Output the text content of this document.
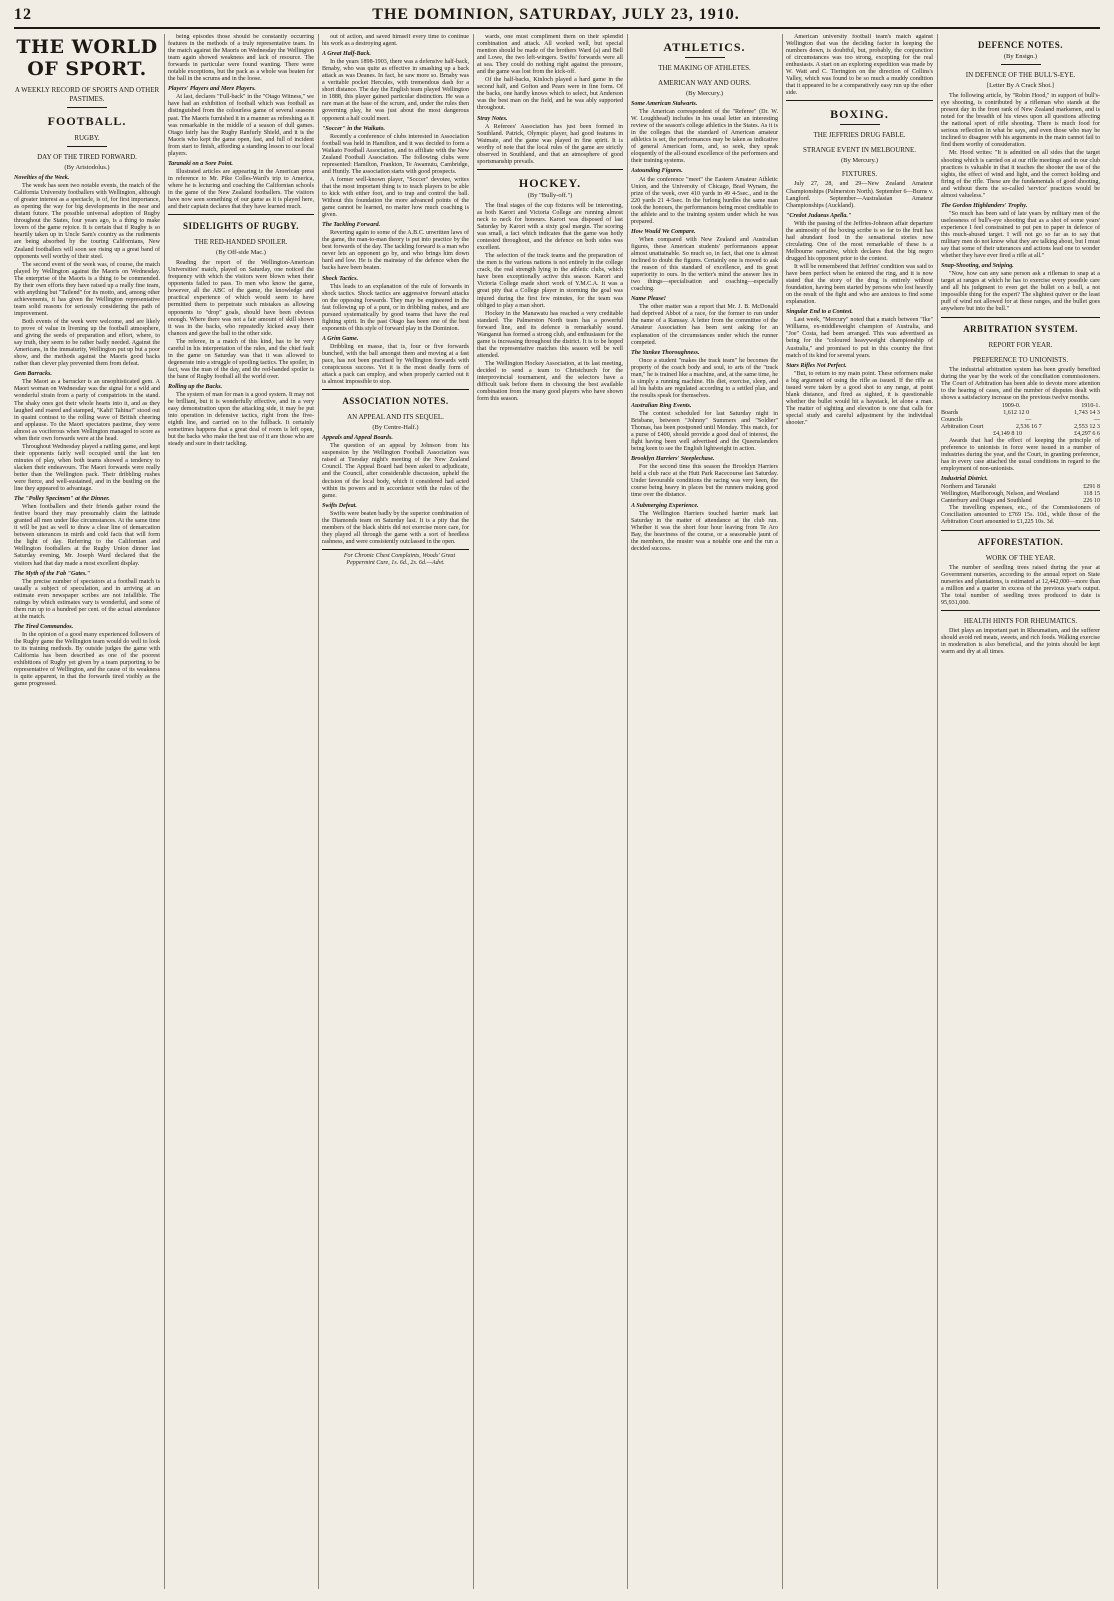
12	THE DOMINION, SATURDAY, JULY 23, 1910.
THE WORLD OF SPORT.
A WEEKLY RECORD OF SPORTS AND OTHER PASTIMES.
FOOTBALL.
RUGBY.
DAY OF THE TIRED FORWARD.
(By Aristodolus.)

Novelties of the Week.

The week has seen two notable events, the match of the California University footballers with Wellington, although of greater interest as a spectacle, is of, for first importance, as opening the way for big developments in the near and distant future. The possible universal adoption of Rugby throughout the States, four years ago, is a thing to make lovers of the game rejoice. It is certain that if Rugby is so heartily taken up in Uncle Sam's country as the rudiments are being absorbed by the touring Californians, New Zealand footballers will soon see rising up a great band of opponents well worthy of their steel.

The second event of the week was, of course, the match played by Wellington against the Maoris on Wednesday. The enterprise of the Maoris is a thing to be commended. By their own efforts they have raised up a really fine team, with anything but "Tailend" for its motto, and, among other achievements, it has given the Wellington representative team solid reasons for seriously considering the path of improvement.

Both events of the week were welcome, and are likely to prove of value in livening up the football atmosphere, and giving the seeds of preparation and effort, where, to say truth, they seem to be rather badly needed. Against the Americans, in the immaturity, Wellington put up but a poor show, and the methods against the Maoris good backs rather than clever play prevented them from defeat.

Gem Barracks.

The Maori as a barracker is an unsophisticated gem. A Maori woman on Wednesday was the signal for a wild and wonderful strain from a party of compatriots in the stand. The shaky ones got their whole hearts into it, and as they laughed and roared and stamped, "Kahi! Tahina!" stood out in quaint contrast to the rolling wave of British cheering and applause. To the Maori spectators pastime, they were almost as vociferous when Wellington managed to score as when their own forwards were at the head.

Throughout Wednesday played a rattling game, and kept their opponents fairly well occupied until the last ten minutes of play, when both teams showed a tendency to slacken their endeavours. The Maori forwards were really better than the Wellington pack. Their dribbling rushes were fierce, and well-sustained, and in the bustling on the line they appeared to advantage.

The "Polley Specimen" at the Dinner.

When footballers and their friends gather round the festive board they may presumably claim the latitude granted all men under like circumstances. At the same time it will be just as well to draw a clear line of demarcation between utterances in mirth and cold facts that will form the light of day. Referring to the Californian and Wellington footballers at the Rugby Union dinner last Saturday evening, Mr. Joseph Ward declared that the visitors had that day made a most excellent display.

The Myth of the Fab "Gates."

The precise number of spectators at a football match is usually a subject of speculation, and in arriving at an estimate even newspaper scribes are not infallible. The ratings by which estimates vary is wonderful, and some of them run up to a hundred per cent. of the actual attendance at the match.

The Tired Commandos.

In the opinion of a good many experienced followers of the Rugby game the Wellington team would do well to look to its training methods. By outside judges the game with California has been described as one of the poorest exhibitions of Rugby yet given by a team purporting to be representative of Wellington, and the cause of its weakness is quite apparent, in that the forwards tired visibly as the game progressed.

being episodes those should be constantly occurring features in the methods of a truly representative team. In the match against the Maoris on Wednesday the Wellington team again showed weakness and lack of resource. The forwards in particular were found wanting. There were notable exceptions, but the pack as a whole was beaten for the ball in the scrums and in the loose.

Players' Players and Mere Players.

At last, declares "Full-back" in the "Otago Witness," we have had an exhibition of football which was football as distinguished from the colourless game of several seasons past. The Maoris furnished it in a manner as refreshing as it was remarkable in the middle of a season of dull games. Otago fairly has the Rugby Ranfurly Shield, and it is the Maoris who kept the game open, fast, and full of incident from start to finish, affording a standing lesson to our local players.

Taranaki on a Sore Point.

Illustrated articles are appearing in the American press in reference to Mr. Pike Colles-Ward's trip to America, where he is lecturing and coaching the Californian schools in the game of the New Zealand footballers. The visitors have now seen something of our game as it is played here, and their captain declares that they have learned much.

SIDELIGHTS OF RUGBY.
THE RED-HANDED SPOILER.
(By Off-side Mac.)

Reading the report of the Wellington-American Universities' match, played on Saturday, one noticed the frequency with which the visitors were blown when their opponents failed to pass. To men who know the game, however, all the ABC of the game, the knowledge and practical experience of which would seem to have permitted them to perpetrate such mistakes as allowing opponents to "drop" goals, should have been obvious enough. Where there was not a fair amount of skill shown it was in the backs, who repeatedly kicked away their chances and gave the ball to the other side.

The referee, in a match of this kind, has to be very careful in his interpretation of the rules, and the chief fault in the game on Saturday was that it was allowed to degenerate into a struggle of spoiling tactics. The spoiler, in fact, was the man of the day, and the red-handed spoiler is the bane of Rugby football all the world over.

Rolling up the Backs.

The system of man for man is a good system. It may not be brilliant, but it is wonderfully effective, and in a very easy demonstration upon the attacking side, it may be put into operation in defensive tactics, right from the five-eighth line, and carried on to the fullback. It certainly sometimes happens that a great deal of room is left open, but the backs who make the best use of it are those who are steady and sure in their tackling.

out of action, and saved himself every time to continue his work as a destroying agent.

A Great Half-Back.

In the years 1898-1903, there was a defensive half-back, Brnaby, who was quite as effective in smashing up a back attack as was Deanes. In fact, he saw more so. Brnaby was a veritable pocket Hercules, with tremendous dash for a short distance. The day the English team played Wellington in 1888, this player gained particular distinction. He was a rare man at the base of the scrum, and, under the rules then governing play, he was just about the most dangerous opponent a half could meet.

"Soccer" in the Waikato.

Recently a conference of clubs interested in Association football was held in Hamilton, and it was decided to form a Waikato Football Association, and to affiliate with the New Zealand Football Association. The following clubs were represented: Hamilton, Frankton, Te Awamutu, Cambridge, and Huntly. The association starts with good prospects.

A former well-known player, "Soccer" devotee, writes that the most important thing is to teach players to be able to kick with either foot, and to trap and control the ball. Without this foundation the more advanced points of the game cannot be learned, no matter how much coaching is given.

The Tackling Forward.

Reverting again to some of the A.B.C. unwritten laws of the game, the man-to-man theory is put into practice by the best forwards of the day. The tackling forward is a man who never lets an opponent go by, and who brings him down hard and low. He is the mainstay of the defence when the backs have been beaten.

Shock Tactics.

This leads to an explanation of the rule of forwards in shock tactics. Shock tactics are aggressive forward attacks on the opposing forwards. They may be engineered in the fast following up of a punt, or in dribbling rushes, and are pursued systematically by good teams that have the real fighting spirit. In the past Otago has been one of the best exponents of this style of forward play in the Dominion.

A Grim Game.

Dribbling en masse, that is, four or five forwards bunched, with the ball amongst them and moving at a fast pace, has not been practised by Wellington forwards with conspicuous success. Yet it is the most deadly form of attack a pack can employ, and when properly carried out it is almost impossible to stop.

ASSOCIATION NOTES.
AN APPEAL AND ITS SEQUEL.
(By Centre-Half.)

Appeals and Appeal Boards.

The question of an appeal by Johnson from his suspension by the Wellington Football Association was raised at Tuesday night's meeting of the New Zealand Council. The Appeal Board had been asked to adjudicate, and the Council, after considerable discussion, upheld the decision of the local body, which it considered had acted within its powers and in accordance with the rules of the game.

Swifts Defeat.

Swifts were beaten badly by the superior combination of the Diamonds team on Saturday last. It is a pity that the members of the black shirts did not exercise more care, for they played all through the game with a sort of heedless rashness, and were consistently outclassed in the open.

For Chronic Chest Complaints, Woods' Great Peppermint Cure, 1s. 6d., 2s. 6d.—Advt.

wards, one must compliment them on their splendid combination and attack. All worked well, but special mention should be made of the brothers Ward (a) and Bell and Lowe, the two left-wingers. Swifts' forwards were all at sea. They could do nothing right against the pressure, and the game was lost from the kick-off.

Of the half-backs, Kinloch played a hard game in the second half, and Gofton and Pears were in fine form. Of the backs, one hardly knows which to select, but Anderson was the best man on the field, and he was ably supported throughout.

Stray Notes.

A Referees' Association has just been formed in Southland. Patrick, Olympic player, had good features in Waimate, and the game was played in fine spirit. It is worthy of note that the local rules of the game are strictly observed in Southland, and that an atmosphere of good sportsmanship prevails.

HOCKEY.
(By "Bully-off.")

The final stages of the cup fixtures will be interesting, as both Karori and Victoria College are running almost neck to neck for honours. Karori was disposed of last Saturday by Karori with a sixty goal margin. The scoring was small, a fact which indicates that the game was hotly contested throughout, and the defence on both sides was excellent.

The selection of the track teams and the preparation of the men is the various nations is not entirely in the college crack, the real strength lying in the athletic clubs, which have been exceptionally active this season. Karori and Victoria College made short work of Y.M.C.A. It was a great pity that a College player in storming the goal was injured during the first few minutes, for the team was obliged to play a man short.

Hockey in the Manawatu has reached a very creditable standard. The Palmerston North team has a powerful forward line, and its defence is remarkably sound. Wanganui has formed a strong club, and enthusiasm for the game is increasing throughout the district. It is to be hoped that the representative matches this season will be well attended.

The Wellington Hockey Association, at its last meeting, decided to send a team to Christchurch for the interprovincial tournament, and the selectors have a difficult task before them in choosing the best available combination from the many good players who have shown form this season.

ATHLETICS.
THE MAKING OF ATHLETES.
AMERICAN WAY AND OURS.
(By Mercury.)

Some American Stalwarts.

The American correspondent of the "Referee" (Dr. W. W. Loughhead) includes in his usual letter an interesting review of the season's college athletics in the States. As it is in the colleges that the standard of American amateur athletics is set, the performances may be taken as indicative of general American form, and, so seek, they speak eloquently of the all-round excellence of the performers and their training systems.

Astounding Figures.

At the conference "meet" the Eastern Amateur Athletic Union, and the University of Chicago, Brad Wynam, the prize of the week, over 410 yards in 49 4-5sec., and in the 220 yards 21 4-5sec. In the furlong hurdles the same man took the honours, the performances being most creditable to the athlete and to the training system under which he was prepared.

How Would We Compare.

When compared with New Zealand and Australian figures, these American students' performances appear almost unattainable. So much so, in fact, that one is almost inclined to doubt the figures. Certainly one is moved to ask the reason of this standard of excellence, and its great superiority to ours. In the writer's mind the answer lies in two things—specialisation and coaching—especially coaching.

Name Please!

The other matter was a report that Mr. J. B. McDonald had deprived Abbot of a race, for the former to run under the name of a Ramsay. A letter from the committee of the Amateur Association has been sent asking for an explanation of the circumstances under which the runner competed.

The Yankee Thoroughness.

Once a student "makes the track team" he becomes the property of the coach body and soul, to arts of the "track man," he is trained like a machine, and, at the same time, he is simply a running machine. His diet, exercise, sleep, and all his habits are regulated according to a settled plan, and the results speak for themselves.

Australian Ring Events.

The contest scheduled for last Saturday night in Brisbane, between "Johnny" Summers and "Soldier" Thomas, has been postponed until Monday. This match, for a purse of £400, should provide a good deal of interest, the fight having been well advertised and the Queenslanders being keen to see the English lightweight in action.

Brooklyn Harriers' Steeplechase.

For the second time this season the Brooklyn Harriers held a club race at the Hutt Park Racecourse last Saturday. Under favourable conditions the racing was very keen, the course being heavy in places but the runners making good time over the distance.

A Submerging Experience.

The Wellington Harriers touched harrier mark last Saturday in the matter of attendance at the club run. Whether it was the short four hour leaving from Te Aro Bay, the heaviness of the course, or a seasonable jaunt of the members, the muster was a notable one and the run a decided success.

American university football team's match against Wellington that was the deciding factor in keeping the numbers down, is doubtful, but, probably, the conjunction of circumstances was too strong, excepting for the real enthusiasts. A start on an exploring expedition was made by W. Watt and C. Tierington on the direction of Collins's Valley, which was found to be so much a muddy condition that it appeared to be a comparatively easy run up the other side.

BOXING.
THE JEFFRIES DRUG FABLE.
STRANGE EVENT IN MELBOURNE.
(By Mercury.)
FIXTURES.

July 27, 28, and 29—New Zealand Amateur Championships (Palmerston North). September 6—Burns v. Langford. September—Australasian Amateur Championships (Auckland).

"Credot Judaeus Apella."

With the passing of the Jeffries-Johnson affair departure the animosity of the boxing scribe is so far to the fruit has had abundant food in the sensational stories now circulating. One of the most remarkable of these is a Melbourne narrative, which declares that the big negro drugged his opponent prior to the contest.

It will be remembered that Jeffries' condition was said to have been perfect when he entered the ring, and it is now stated that the story of the drug is entirely without foundation, having been started by persons who lost heavily on the result of the fight and who are anxious to find some explanation.

Singular End to a Contest.

Last week, "Mercury" noted that a match between "Ike" Williams, ex-middleweight champion of Australia, and "Joe" Costa, had been arranged. This was advertised as being for the "coloured heavyweight championship of Australia," and promised to put in this country the first match of its kind for several years.

Stars Rifles Not Perfect.

"But, to return to my main point. These reformers make a big argument of using the rifle as issued. If the rifle as issued were taken by a good shot to any range, at point blank distance, and fired as sighted, it is questionable whether the bullet would hit a haystack, let alone a man. The matter of sighting and elevation is one that calls for special study and careful adjustment by the individual shooter."

DEFENCE NOTES.
(By Ensign.)
IN DEFENCE OF THE BULL'S-EYE.
[Letter By A Crack Shot.]

The following article, by "Robin Hood," in support of bull's-eye shooting, is contributed by a rifleman who stands at the present day in the front rank of New Zealand marksmen, and is noted for the breadth of his views upon all questions affecting the national sport of rifle shooting. There is much food for serious reflection in what he says, and even those who may be inclined to disagree with his arguments in the main cannot fail to find them worthy of consideration.

Mr. Hood writes: "It is admitted on all sides that the target shooting which is carried on at our rifle meetings and in our club practices is valuable in that it teaches the shooter the use of the sights, the effect of wind and light, and the correct holding and firing of the rifle. These are the fundamentals of good shooting, and without them the so-called 'service' practices would be almost valueless."

The Gordon Highlanders' Trophy.

"So much has been said of late years by military men of the uselessness of bull's-eye shooting that as a shot of some years' experience I feel constrained to put pen to paper in defence of this much-abused target. I will not go so far as to say that military men do not know what they are talking about, but I must say that some of their utterances and actions lead one to wonder whether they have ever fired a rifle at all."

Snap-Shooting, and Sniping.

"Now, how can any sane person ask a rifleman to snap at a target at ranges at which he has to exercise every possible care and all his judgment to even get the bullet on a bull, a not impossible thing for the expert? The slightest quiver or the least puff of wind not allowed for at these ranges, and the bullet goes anywhere but into the bull."

ARBITRATION SYSTEM.
REPORT FOR YEAR.
PREFERENCE TO UNIONISTS.

The industrial arbitration system has been greatly benefited during the year by the work of the conciliation commissioners. The Court of Arbitration has been able to devote more attention to the hearing of cases, and the number of disputes dealt with shows a satisfactory increase on the previous twelve months.

1909-0.	1910-1.
Boards	1,612 12 0	1,743 14 3
Councils	—	—
Arbitration Court	2,536 16 7	2,553 12 3
£4,149 8 10	£4,297 6 6

Awards that had the effect of keeping the principle of preference to unionists in force were issued in a number of industries during the year, and the Court, in granting preference, has in every case attached the usual conditions in regard to the employment of non-unionists.

Industrial District.

Northern and Taranaki	£291 8
Wellington, Marlborough, Nelson, and Westland	118 15
Canterbury and Otago and Southland	226 10

The travelling expenses, etc., of the Commissioners of Conciliation amounted to £769 15s. 10d., while those of the Arbitration Court amounted to £1,225 10s. 3d.

AFFORESTATION.
WORK OF THE YEAR.

The number of seedling trees raised during the year at Government nurseries, according to the annual report on State nurseries and plantations, is estimated at 12,442,000—more than a million and a quarter in excess of the previous year's output. The total number of seedling trees produced to date is 95,931,000.

HEALTH HINTS FOR RHEUMATICS.

Diet plays an important part in Rheumatism, and the sufferer should avoid red meats, sweets, and rich foods. Walking exercise in moderation is also beneficial, and the joints should be kept warm and dry at all times.
